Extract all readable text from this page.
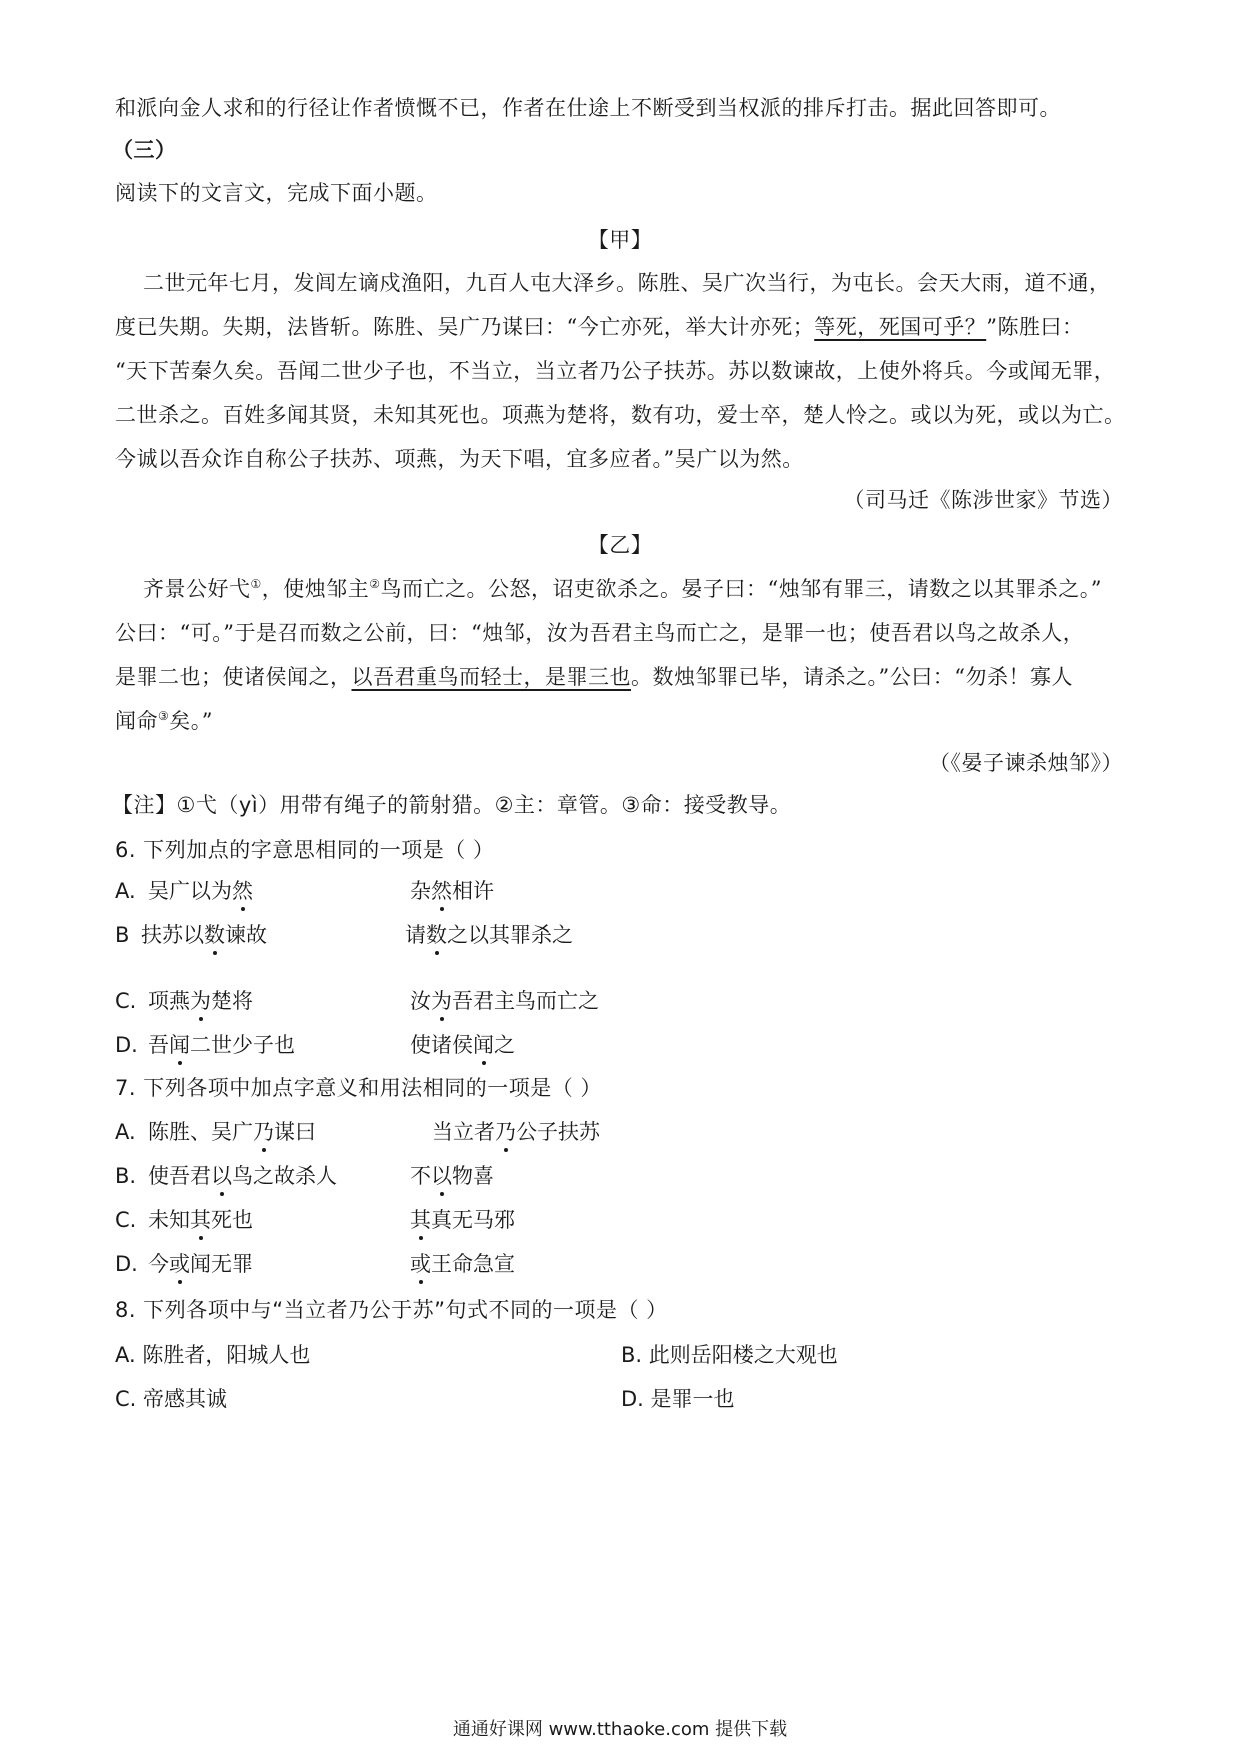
和派向金人求和的行径让作者愤慨不已，作者在仕途上不断受到当权派的排斥打击。据此回答即可。
（三）
阅读下的文言文，完成下面小题。
【甲】
二世元年七月，发闾左谪戍渔阳，九百人屯大泽乡。陈胜、吴广次当行，为屯长。会天大雨，道不通，
度已失期。失期，法皆斩。陈胜、吴广乃谋曰：“今亡亦死，举大计亦死；等死，死国可乎？”陈胜曰：
“天下苦秦久矣。吾闻二世少子也，不当立，当立者乃公子扶苏。苏以数谏故，上使外将兵。今或闻无罪，
二世杀之。百姓多闻其贤，未知其死也。项燕为楚将，数有功，爱士卒，楚人怜之。或以为死，或以为亡。
今诚以吾众诈自称公子扶苏、项燕，为天下唱，宜多应者。”吴广以为然。
（司马迁《陈涉世家》节选）
【乙】
齐景公好弋①，使烛邹主②鸟而亡之。公怒，诏吏欲杀之。晏子曰：“烛邹有罪三，请数之以其罪杀之。”
公曰：“可。”于是召而数之公前，曰：“烛邹，汝为吾君主鸟而亡之，是罪一也；使吾君以鸟之故杀人，
是罪二也；使诸侯闻之，以吾君重鸟而轻士，是罪三也。数烛邹罪已毕，请杀之。”公曰：“勿杀！寡人
闻命③矣。”
（《晏子谏杀烛邹》）
【注】①弋（yì）用带有绳子的箭射猎。②主：章管。③命：接受教导。
6. 下列加点的字意思相同的一项是（ ）
A. 吴广以为然	杂然相许
B 扶苏以数谏故	请数之以其罪杀之
C. 项燕为楚将	汝为吾君主鸟而亡之
D. 吾闻二世少子也	使诸侯闻之
7. 下列各项中加点字意义和用法相同的一项是（ ）
A. 陈胜、吴广乃谋曰	当立者乃公子扶苏
B. 使吾君以鸟之故杀人	不以物喜
C. 未知其死也	其真无马邪
D. 今或闻无罪	或王命急宣
8. 下列各项中与“当立者乃公于苏”句式不同的一项是（ ）
A. 陈胜者，阳城人也	B. 此则岳阳楼之大观也
C. 帝感其诚	D. 是罪一也
通通好课网 www.tthaoke.com 提供下载
